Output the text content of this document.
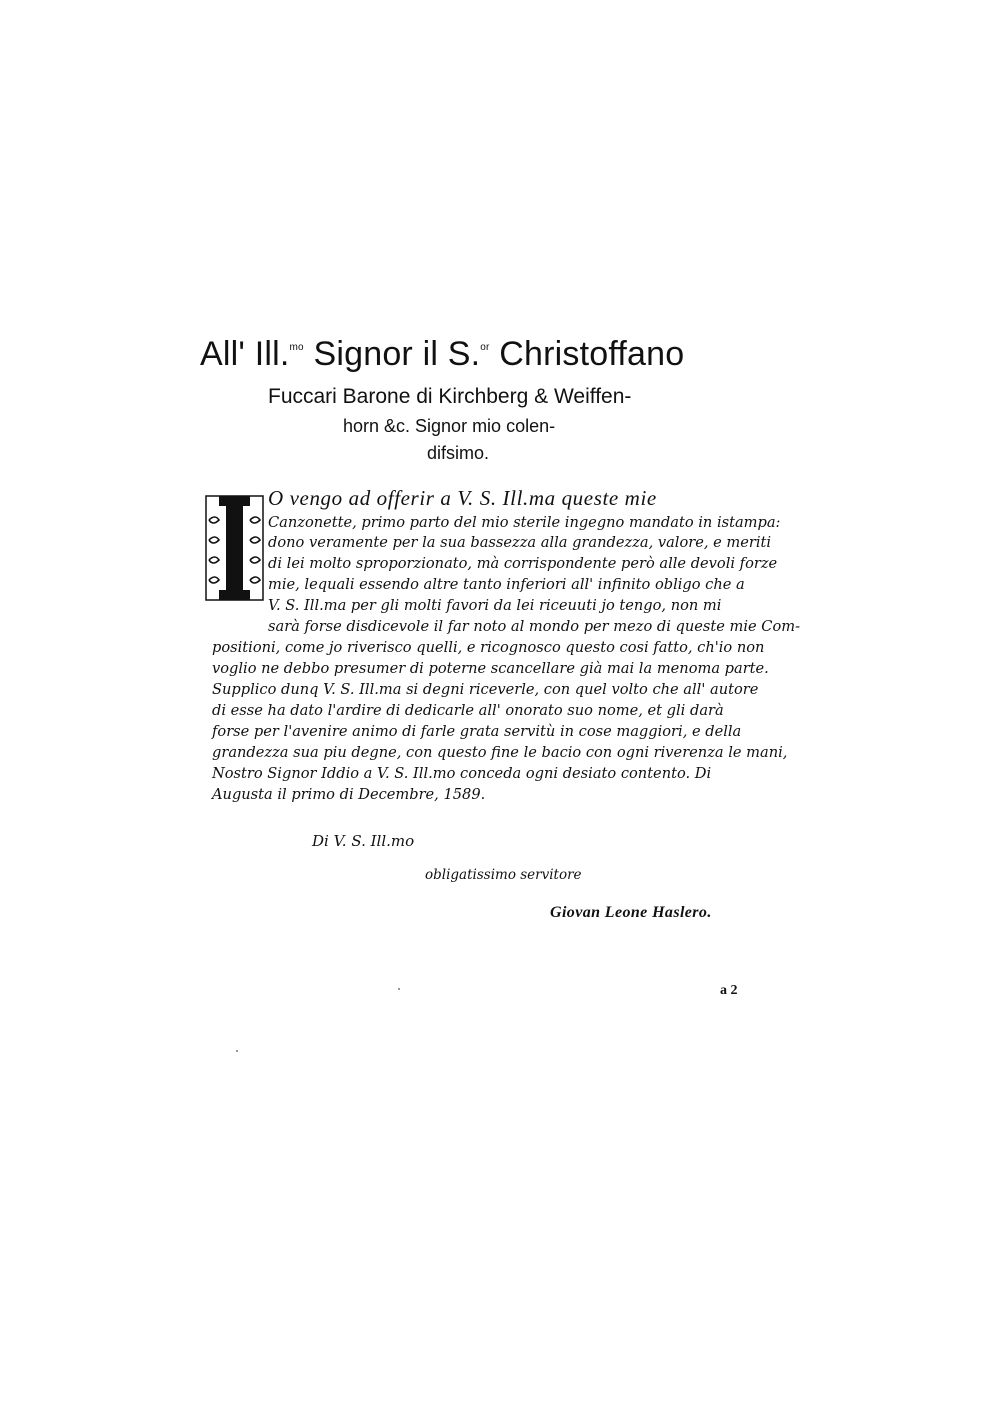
All' Ill.$^{mo}$ Signor il S.$^{or}$ Christoffano
Fuccari Barone di Kirchberg & Weiffen-
horn &c. Signor mio colen-
difsimo.
I O vengo ad offerir a V. S. Ill.ma queste mie
Canzonette, primo parto del mio sterile ingegno mandato in istampa:
dono veramente per la sua bassezza alla grandezza, valore, e meriti
di lei molto sproporzionato, mà corrispondente però alle devoli forze
mie, lequali essendo altre tanto inferiori all' infinito obligo che a
V. S. Ill.ma per gli molti favori da lei riceuuti jo tengo, non mi
sarà forse disdicevole il far noto al mondo per mezo di queste mie Com-
positioni, come jo riverisco quelli, e ricognosco questo cosi fatto, ch'io non
voglio ne debbo presumer di poterne scancellare già mai la menoma parte.
Supplico dunq V. S. Ill.ma si degni riceverle, con quel volto che all' autore
di esse ha dato l'ardire di dedicarle all' onorato suo nome, et gli darà
forse per l'avenire animo di farle grata servitù in cose maggiori, e della
grandezza sua piu degne, con questo fine le bacio con ogni riverenza le mani,
Nostro Signor Iddio a V. S. Ill.mo conceda ogni desiato contento. Di
Augusta il primo di Decembre, 1589.
Di V. S. Ill.mo
obligatissimo servitore
Giovan Leone Haslero.
a 2
